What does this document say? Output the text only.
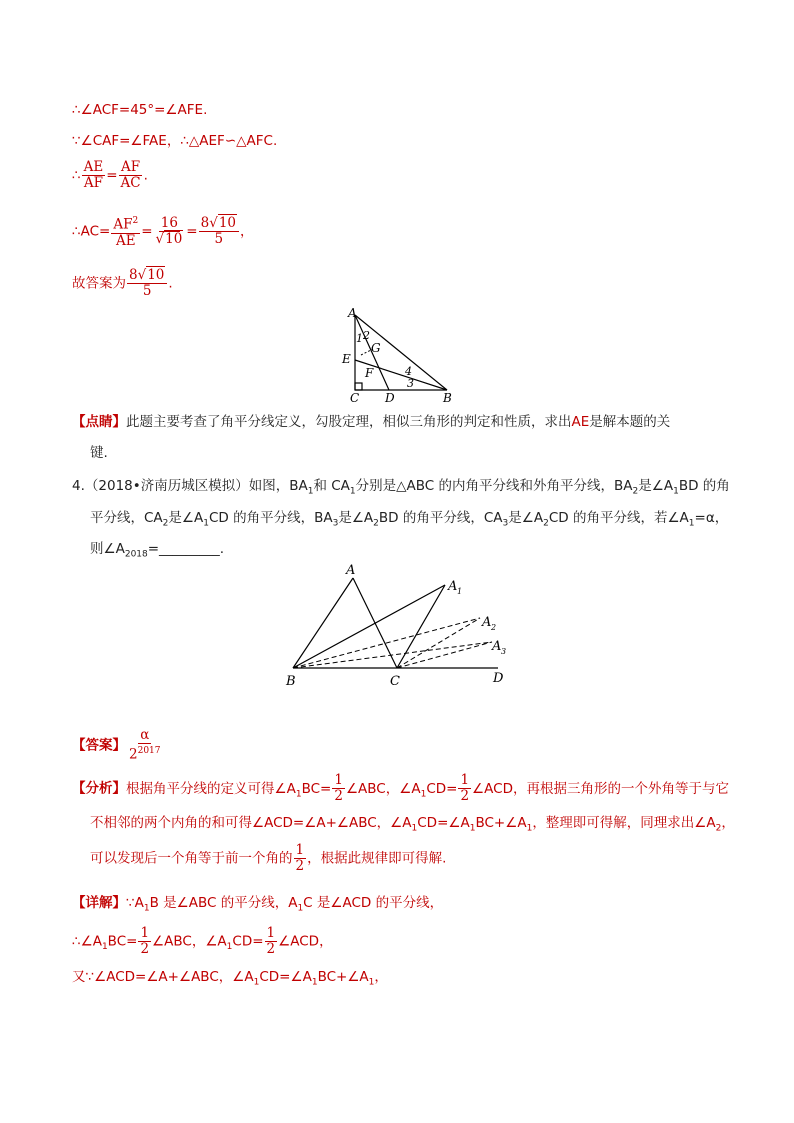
∴∠ACF=45°=∠AFE.
∵∠CAF=∠FAE，∴△AEF∽△AFC.
∴ $\frac{AE}{AF} = \frac{AF}{AC}$ .
∴AC= $\frac{AF^2}{AE} = \frac{16}{√10} = \frac{8√10}{5}$ ，
故答案为 $\frac{8√10}{5}$ .
A
1 2
G
E
F	4
3
C D	B
【点睛】此题主要考查了角平分线定义，勾股定理，相似三角形的判定和性质，求出AE是解本题的关
键.
4.（2018•济南历城区模拟）如图，$BA_1$和 $CA_1$分别是△ABC 的内角平分线和外角平分线，$BA_2$是$\angle A_1BD$ 的角
平分线，$CA_2$是$\angle A_1CD$ 的角平分线，$BA_3$是$\angle A_2BD$ 的角平分线，$CA_3$是$\angle A_2CD$ 的角平分线，若$\angle A_1=\alpha$，
则$\angle A_{2018}=\_\_\_\_\_\_\_\_\_$.
A
A 1
A 2
A 3
B	C	D
【答案】 $\frac{\alpha}{2^{2017}}$
【分析】根据角平分线的定义可得$\angle A_1BC= \frac{1}{2}$ ∠ABC，$\angle A_1CD= \frac{1}{2}$ ∠ACD，再根据三角形的一个外角等于与它
不相邻的两个内角的和可得∠ACD=∠A+∠ABC，$\angle A_1CD=\angle A_1BC+\angle A_1$，整理即可得解，同理求出$\angle A_2$，
可以发现后一个角等于前一个角的 $\frac{1}{2}$ ，根据此规律即可得解.
【详解】$\because A_1B$ 是∠ABC 的平分线，$A_1C$ 是∠ACD 的平分线，
$\therefore\angle A_1BC= \frac{1}{2}$ ∠ABC，$\angle A_1CD= \frac{1}{2}$ ∠ACD，
又∵∠ACD=∠A+∠ABC，$\angle A_1CD=\angle A_1BC+\angle A_1$，
